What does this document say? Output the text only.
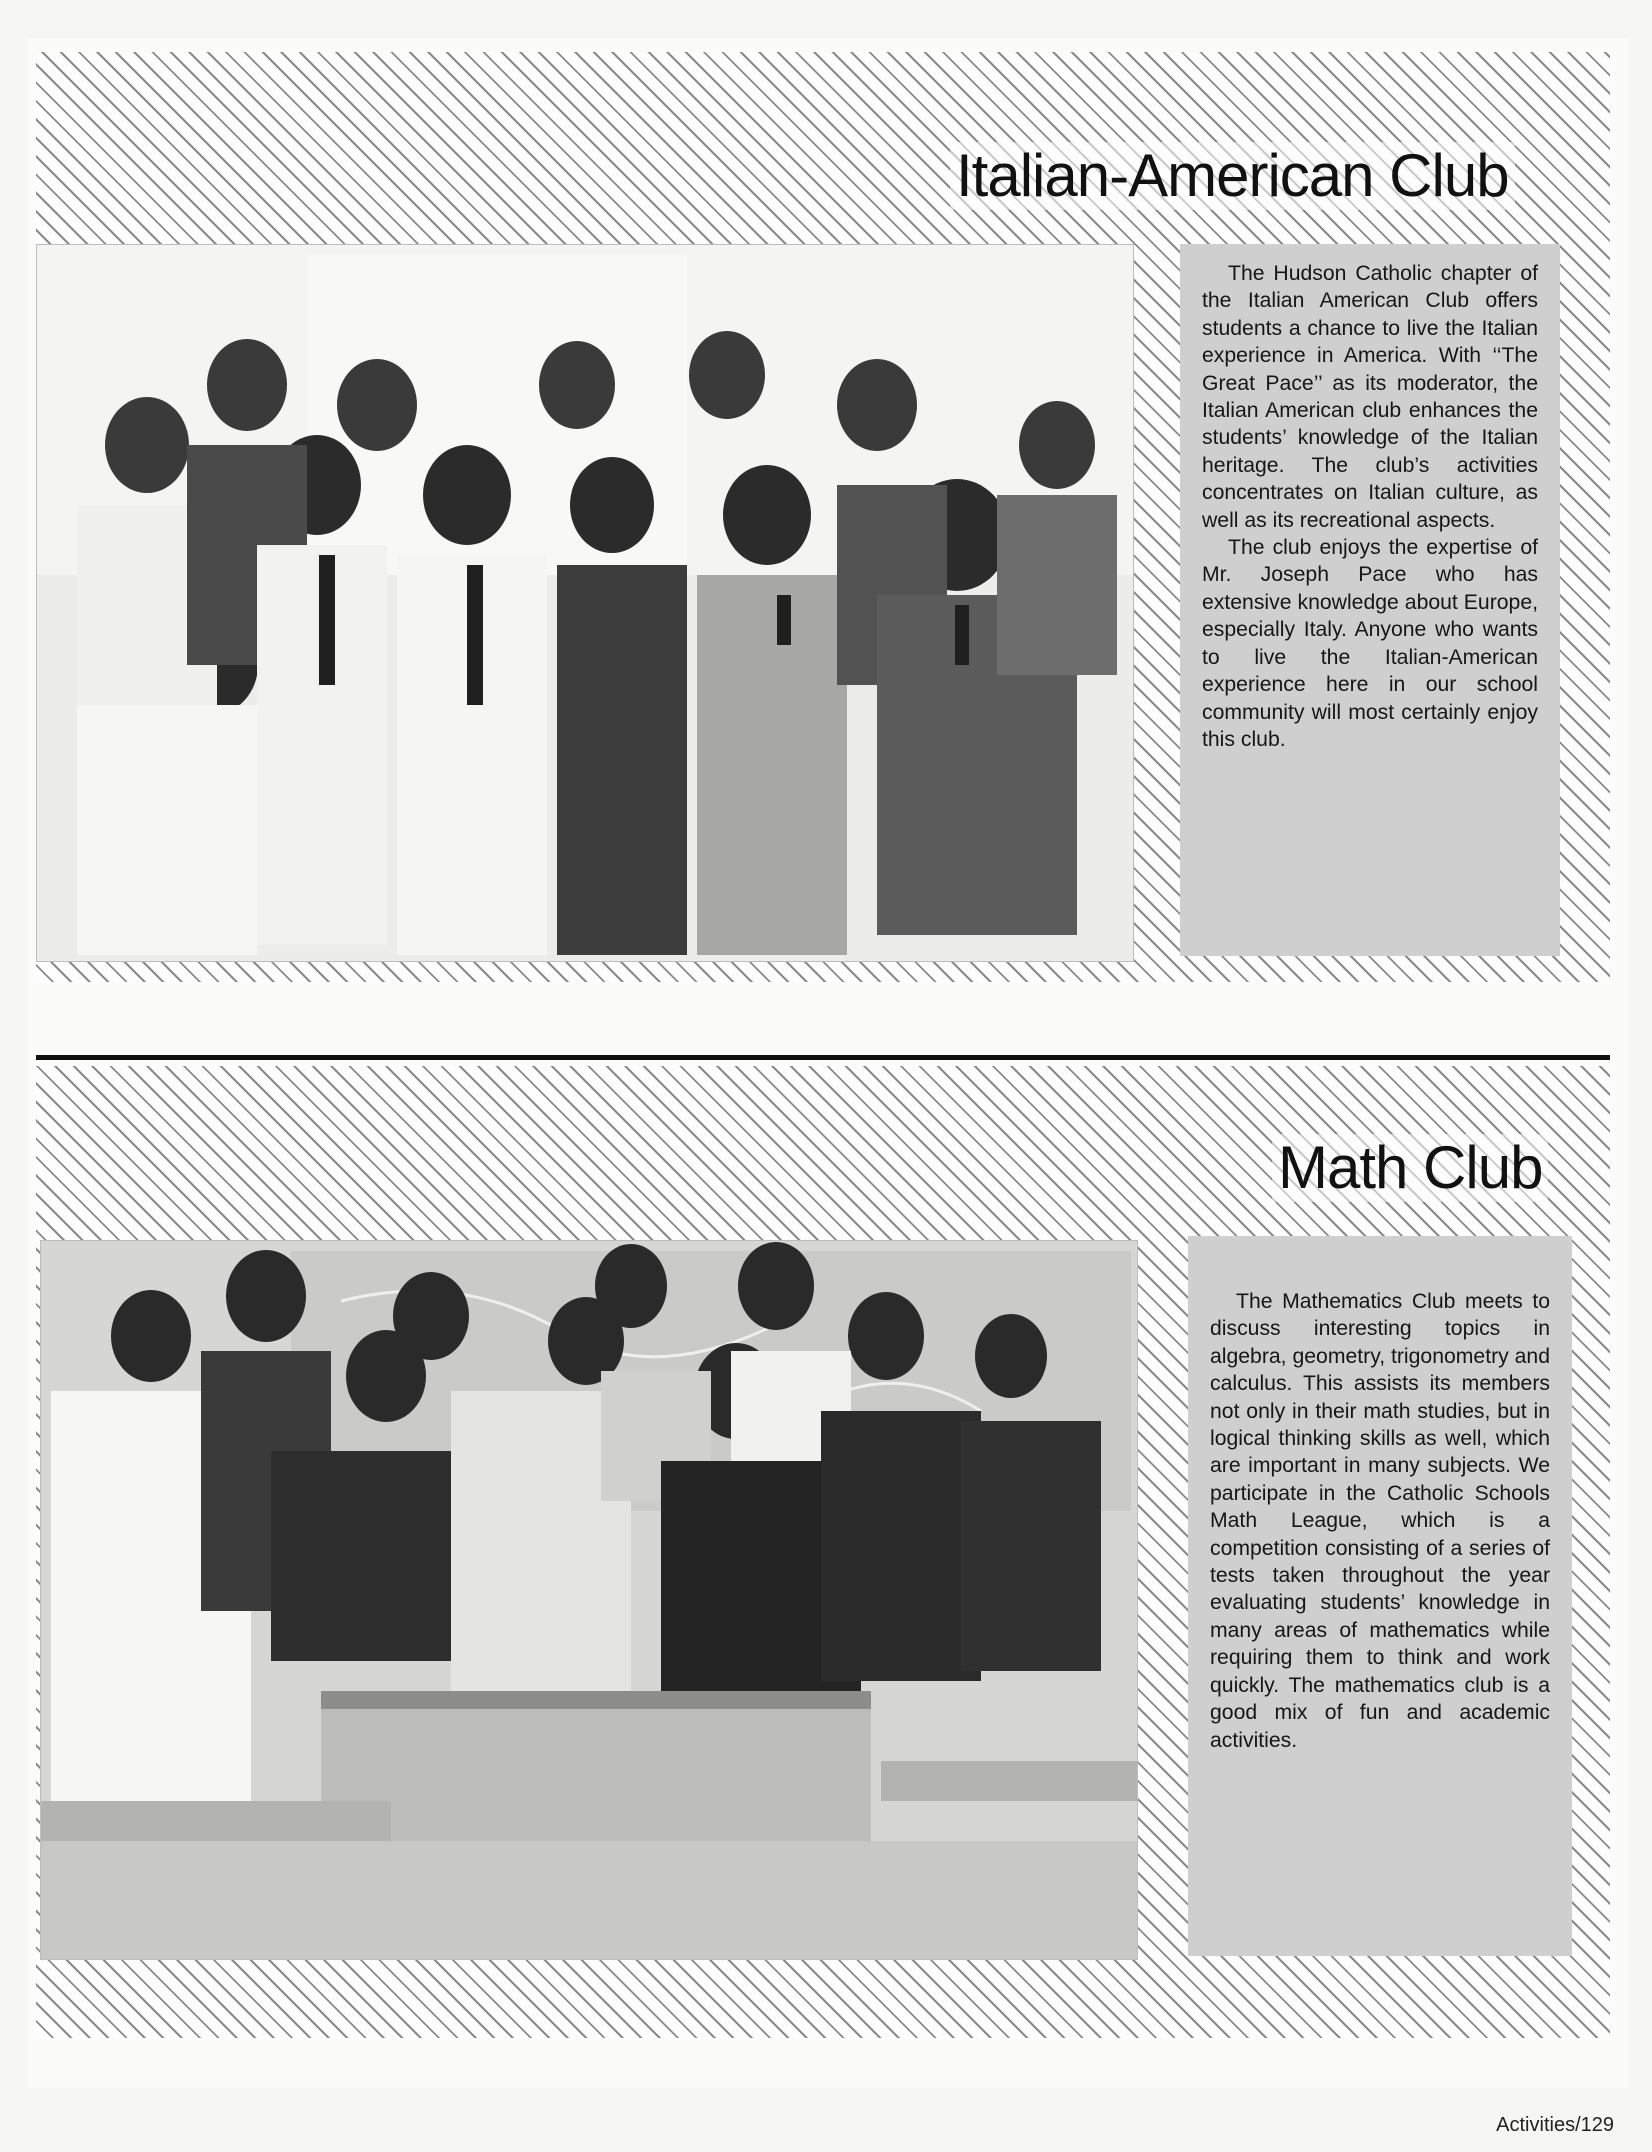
Italian-American Club

The Hudson Catholic chapter of the Italian American Club offers students a chance to live the Italian experience in America. With ‘‘The Great Pace’’ as its moderator, the Italian American club enhances the students’ knowledge of the Italian heritage. The club’s activities concentrates on Italian culture, as well as its recreational aspects.

The club enjoys the expertise of Mr. Joseph Pace who has extensive knowledge about Europe, especially Italy. Anyone who wants to live the Italian-American experience here in our school community will most certainly enjoy this club.

Math Club

The Mathematics Club meets to discuss interesting topics in algebra, geometry, trigonometry and calculus. This assists its members not only in their math studies, but in logical thinking skills as well, which are important in many subjects. We participate in the Catholic Schools Math League, which is a competition consisting of a series of tests taken throughout the year evaluating students’ knowledge in many areas of mathematics while requiring them to think and work quickly. The mathematics club is a good mix of fun and academic activities.

Activities/129
